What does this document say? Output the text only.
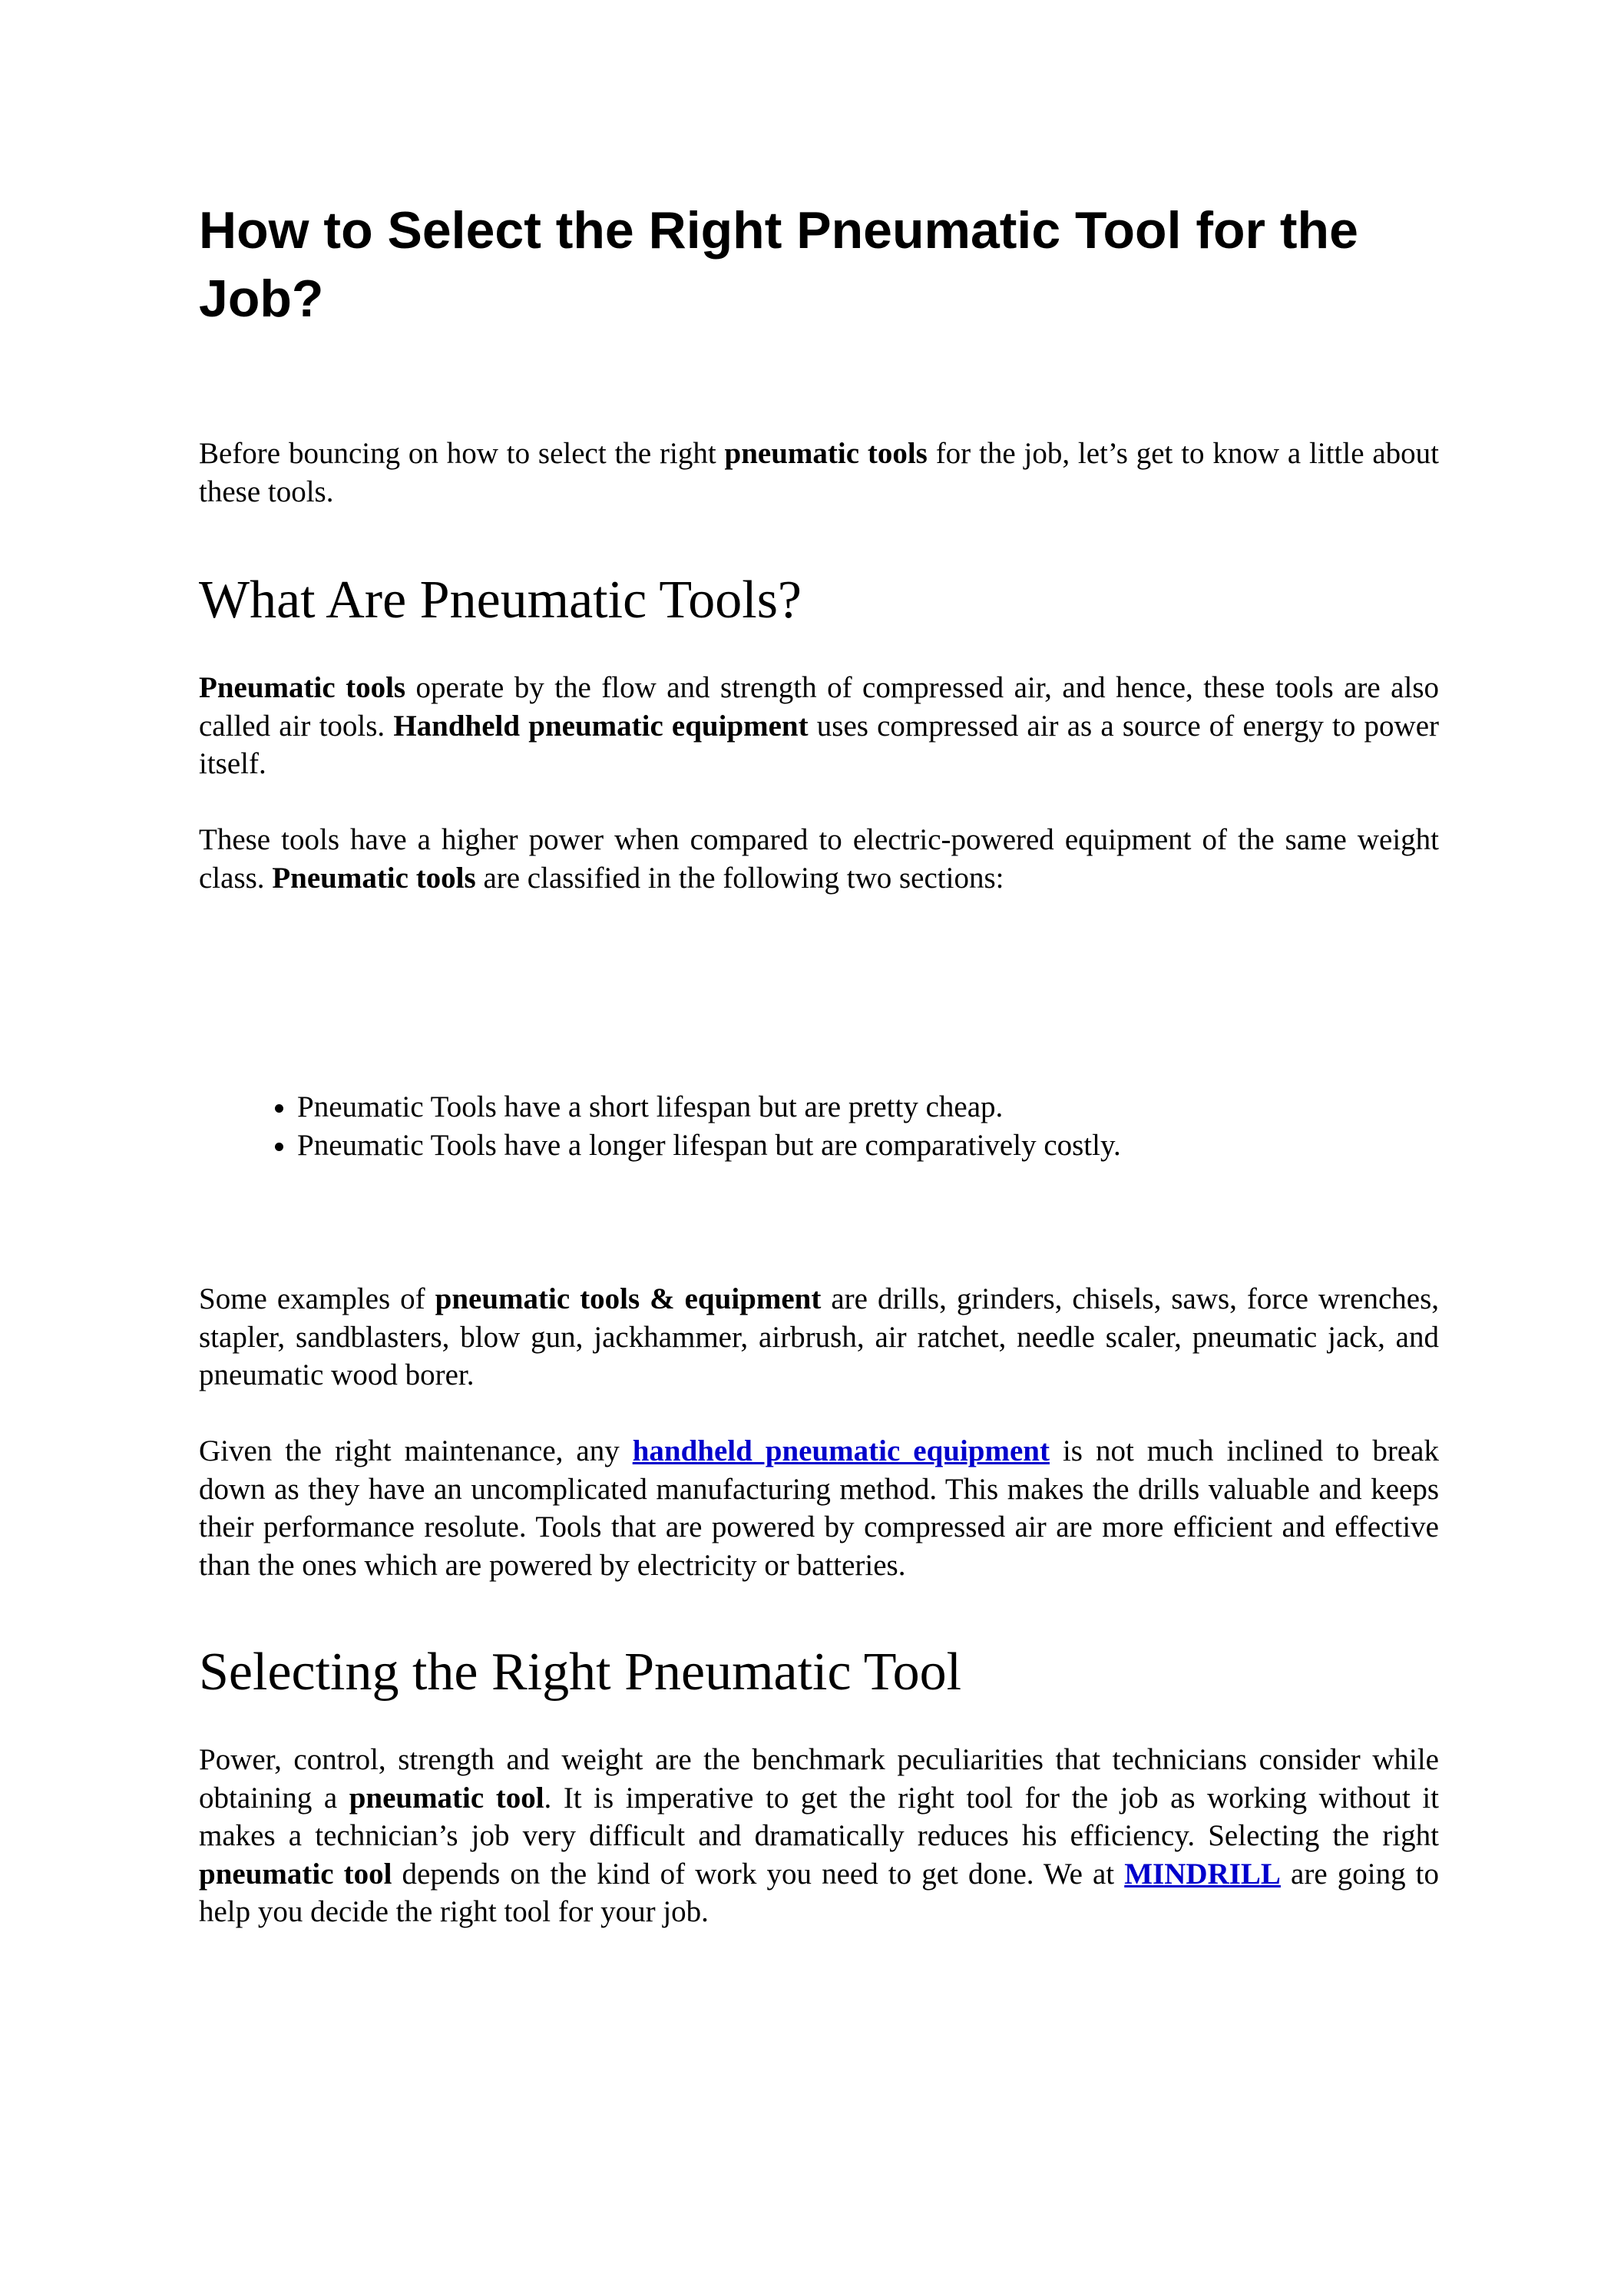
How to Select the Right Pneumatic Tool for the Job?
Before bouncing on how to select the right pneumatic tools for the job, let’s get to know a little about these tools.
What Are Pneumatic Tools?
Pneumatic tools operate by the flow and strength of compressed air, and hence, these tools are also called air tools. Handheld pneumatic equipment uses compressed air as a source of energy to power itself.
These tools have a higher power when compared to electric-powered equipment of the same weight class. Pneumatic tools are classified in the following two sections:
• Pneumatic Tools have a short lifespan but are pretty cheap.
• Pneumatic Tools have a longer lifespan but are comparatively costly.
Some examples of pneumatic tools & equipment are drills, grinders, chisels, saws, force wrenches, stapler, sandblasters, blow gun, jackhammer, airbrush, air ratchet, needle scaler, pneumatic jack, and pneumatic wood borer.
Given the right maintenance, any handheld pneumatic equipment is not much inclined to break down as they have an uncomplicated manufacturing method. This makes the drills valuable and keeps their performance resolute. Tools that are powered by compressed air are more efficient and effective than the ones which are powered by electricity or batteries.
Selecting the Right Pneumatic Tool
Power, control, strength and weight are the benchmark peculiarities that technicians consider while obtaining a pneumatic tool. It is imperative to get the right tool for the job as working without it makes a technician’s job very difficult and dramatically reduces his efficiency. Selecting the right pneumatic tool depends on the kind of work you need to get done. We at MINDRILL are going to help you decide the right tool for your job.
